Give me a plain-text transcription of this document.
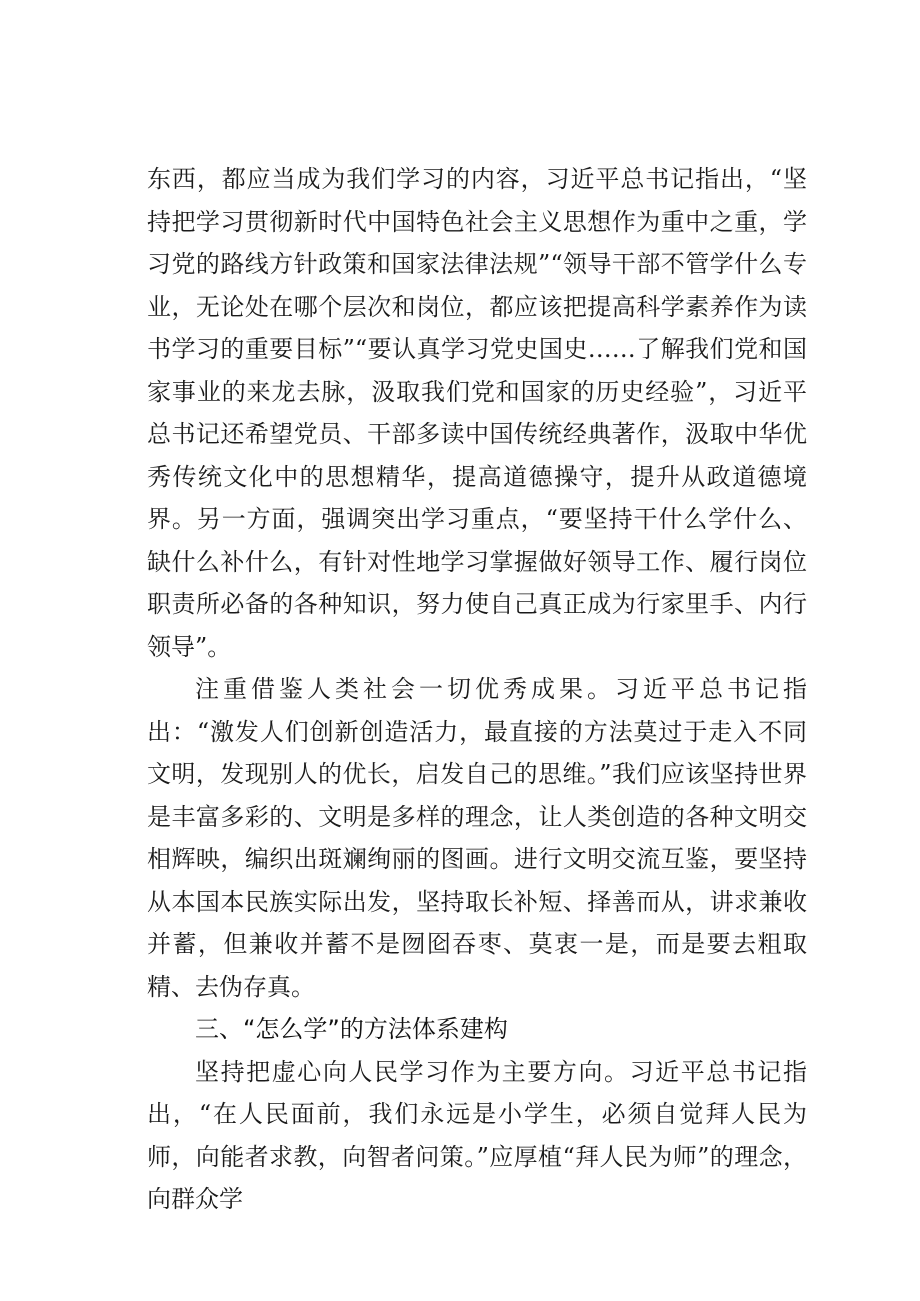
东西，都应当成为我们学习的内容，习近平总书记指出，“坚持把学习贯彻新时代中国特色社会主义思想作为重中之重，学习党的路线方针政策和国家法律法规”“领导干部不管学什么专业，无论处在哪个层次和岗位，都应该把提高科学素养作为读书学习的重要目标”“要认真学习党史国史……了解我们党和国家事业的来龙去脉，汲取我们党和国家的历史经验”，习近平总书记还希望党员、干部多读中国传统经典著作，汲取中华优秀传统文化中的思想精华，提高道德操守，提升从政道德境界。另一方面，强调突出学习重点，“要坚持干什么学什么、缺什么补什么，有针对性地学习掌握做好领导工作、履行岗位职责所必备的各种知识，努力使自己真正成为行家里手、内行领导”。

注重借鉴人类社会一切优秀成果。习近平总书记指出：“激发人们创新创造活力，最直接的方法莫过于走入不同文明，发现别人的优长，启发自己的思维。”我们应该坚持世界是丰富多彩的、文明是多样的理念，让人类创造的各种文明交相辉映，编织出斑斓绚丽的图画。进行文明交流互鉴，要坚持从本国本民族实际出发，坚持取长补短、择善而从，讲求兼收并蓄，但兼收并蓄不是囫囵吞枣、莫衷一是，而是要去粗取精、去伪存真。

三、“怎么学”的方法体系建构

坚持把虚心向人民学习作为主要方向。习近平总书记指出，“在人民面前，我们永远是小学生，必须自觉拜人民为师，向能者求教，向智者问策。”应厚植“拜人民为师”的理念，向群众学
